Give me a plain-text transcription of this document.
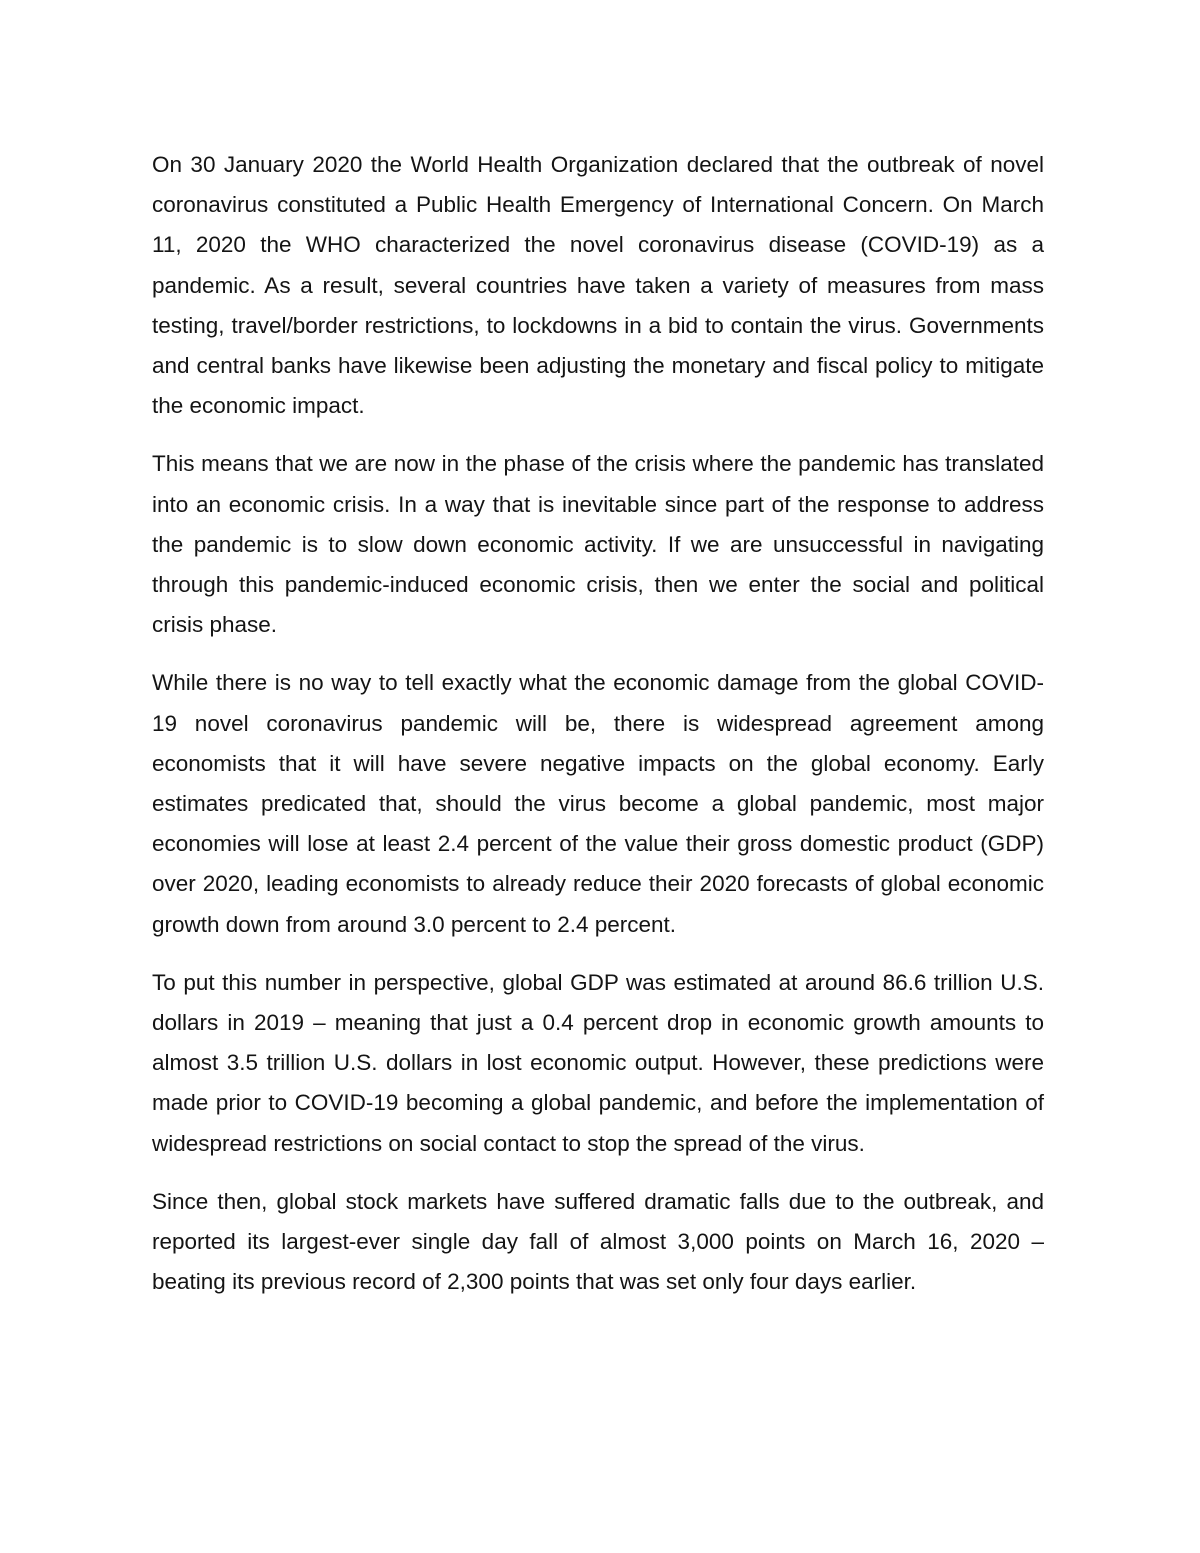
On 30 January 2020 the World Health Organization declared that the outbreak of novel coronavirus constituted a Public Health Emergency of International Concern. On March 11, 2020 the WHO characterized the novel coronavirus disease (COVID-19) as a pandemic. As a result, several countries have taken a variety of measures from mass testing, travel/border restrictions, to lockdowns in a bid to contain the virus. Governments and central banks have likewise been adjusting the monetary and fiscal policy to mitigate the economic impact.

This means that we are now in the phase of the crisis where the pandemic has translated into an economic crisis. In a way that is inevitable since part of the response to address the pandemic is to slow down economic activity. If we are unsuccessful in navigating through this pandemic-induced economic crisis, then we enter the social and political crisis phase.

While there is no way to tell exactly what the economic damage from the global COVID-19 novel coronavirus pandemic will be, there is widespread agreement among economists that it will have severe negative impacts on the global economy. Early estimates predicated that, should the virus become a global pandemic, most major economies will lose at least 2.4 percent of the value their gross domestic product (GDP) over 2020, leading economists to already reduce their 2020 forecasts of global economic growth down from around 3.0 percent to 2.4 percent.

To put this number in perspective, global GDP was estimated at around 86.6 trillion U.S. dollars in 2019 – meaning that just a 0.4 percent drop in economic growth amounts to almost 3.5 trillion U.S. dollars in lost economic output. However, these predictions were made prior to COVID-19 becoming a global pandemic, and before the implementation of widespread restrictions on social contact to stop the spread of the virus.

Since then, global stock markets have suffered dramatic falls due to the outbreak, and reported its largest-ever single day fall of almost 3,000 points on March 16, 2020 – beating its previous record of 2,300 points that was set only four days earlier.
